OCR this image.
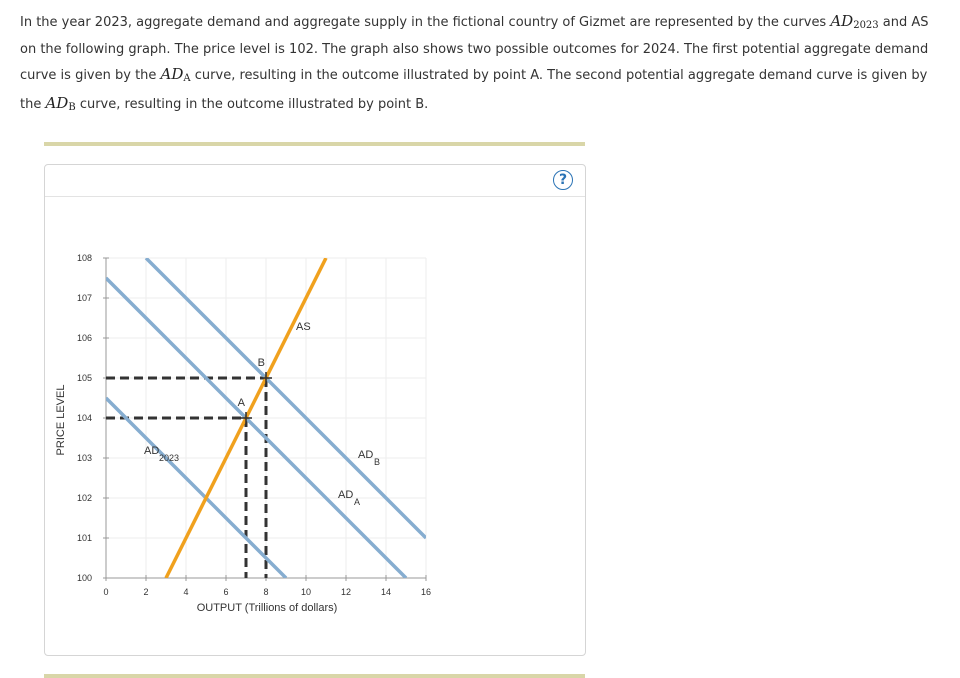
In the year 2023, aggregate demand and aggregate supply in the fictional country of Gizmet are represented by the curves $AD_{2023}$ and AS on the following graph. The price level is 102. The graph also shows two possible outcomes for 2024. The first potential aggregate demand curve is given by the $AD_A$ curve, resulting in the outcome illustrated by point A. The second potential aggregate demand curve is given by the $AD_B$ curve, resulting in the outcome illustrated by point B.

?
100
101
102
103
104
105
106
107
108
0	2	4	6	8	10	12	14	16
OUTPUT (Trillions of dollars)
PRICE LEVEL	A
B
AD
2023
AD
A
AD
B
AS
